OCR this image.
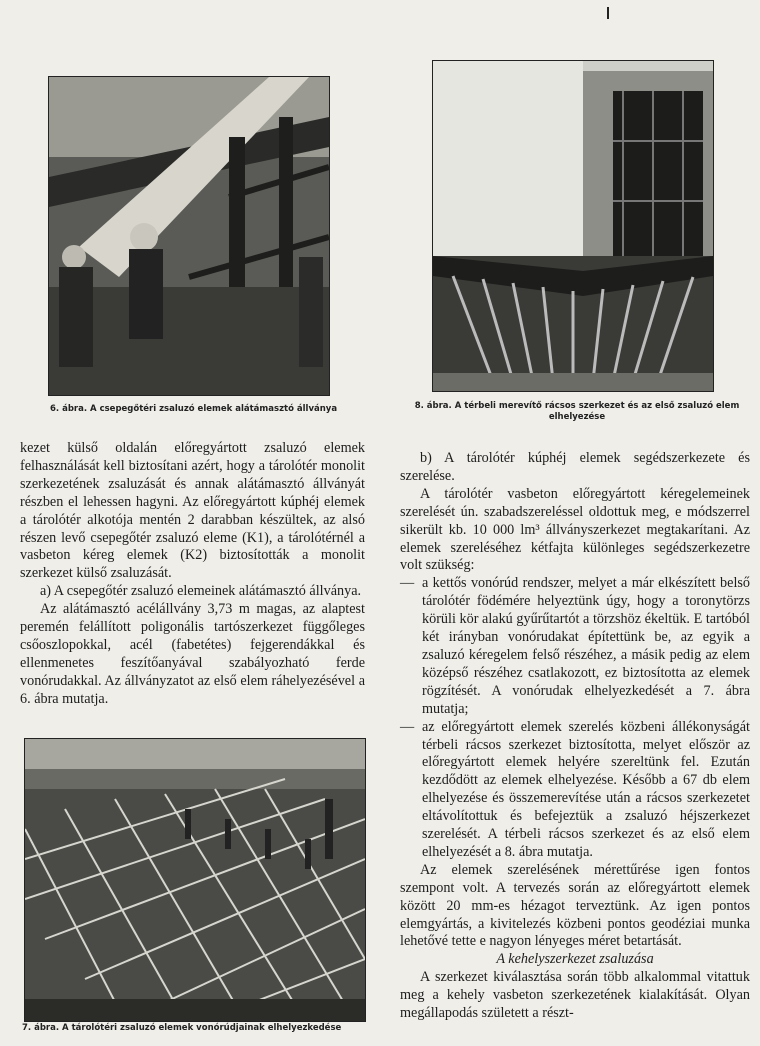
6. ábra. A csepegőtéri zsaluzó elemek alátámasztó állványa	8. ábra. A térbeli merevítő rácsos szerkezet és az első zsaluzó elem elhelyezése

kezet külső oldalán előregyártott zsaluzó elemek felhasználását kell biztosítani azért, hogy a tárolótér monolit szerkezetének zsaluzását és annak alátámasztó állványát részben el lehessen hagyni. Az előregyártott kúphéj elemek a tárolótér alkotója mentén 2 darabban készültek, az alsó részen levő csepegőtér zsaluzó eleme (K1), a tárolótérnél a vasbeton kéreg elemek (K2) biztosították a monolit szerkezet külső zsaluzását.

a) A csepegőtér zsaluzó elemeinek alátámasztó állványa.

Az alátámasztó acélállvány 3,73 m magas, az alaptest peremén felállított poligonális tartószerkezet függőleges csőoszlopokkal, acél (fabetétes) fejgerendákkal és ellenmenetes feszítőanyával szabályozható ferde vonórudakkal. Az állványzatot az első elem ráhelyezésével a 6. ábra mutatja.

7. ábra. A tárolótéri zsaluzó elemek vonórúdjainak elhelyezkedése

b) A tárolótér kúphéj elemek segédszerkezete és szerelése.

A tárolótér vasbeton előregyártott kéregelemeinek szerelését ún. szabadszereléssel oldottuk meg, e módszerrel sikerült kb. 10 000 lm³ állványszerkezet megtakarítani. Az elemek szereléséhez kétfajta különleges segédszerkezetre volt szükség:

— a kettős vonórúd rendszer, melyet a már elkészített belső tárolótér födémére helyeztünk úgy, hogy a toronytörzs körüli kör alakú gyűrűtartót a törzshöz ékeltük. E tartóból két irányban vonórudakat építettünk be, az egyik a zsaluzó kéregelem felső részéhez, a másik pedig az elem középső részéhez csatlakozott, ez biztosította az elemek rögzítését. A vonórudak elhelyezkedését a 7. ábra mutatja;

— az előregyártott elemek szerelés közbeni állékonyságát térbeli rácsos szerkezet biztosította, melyet először az előregyártott elemek helyére szereltünk fel. Ezután kezdődött az elemek elhelyezése. Később a 67 db elem elhelyezése és összemerevítése után a rácsos szerkezetet eltávolítottuk és befejeztük a zsaluzó héjszerkezet szerelését. A térbeli rácsos szerkezet és az első elem elhelyezését a 8. ábra mutatja.

Az elemek szerelésének mérettűrése igen fontos szempont volt. A tervezés során az előregyártott elemek között 20 mm-es hézagot terveztünk. Az igen pontos elemgyártás, a kivitelezés közbeni pontos geodéziai munka lehetővé tette e nagyon lényeges méret betartását.

A kehelyszerkezet zsaluzása

A szerkezet kiválasztása során több alkalommal vitattuk meg a kehely vasbeton szerkezetének kialakítását. Olyan megállapodás született a részt-
